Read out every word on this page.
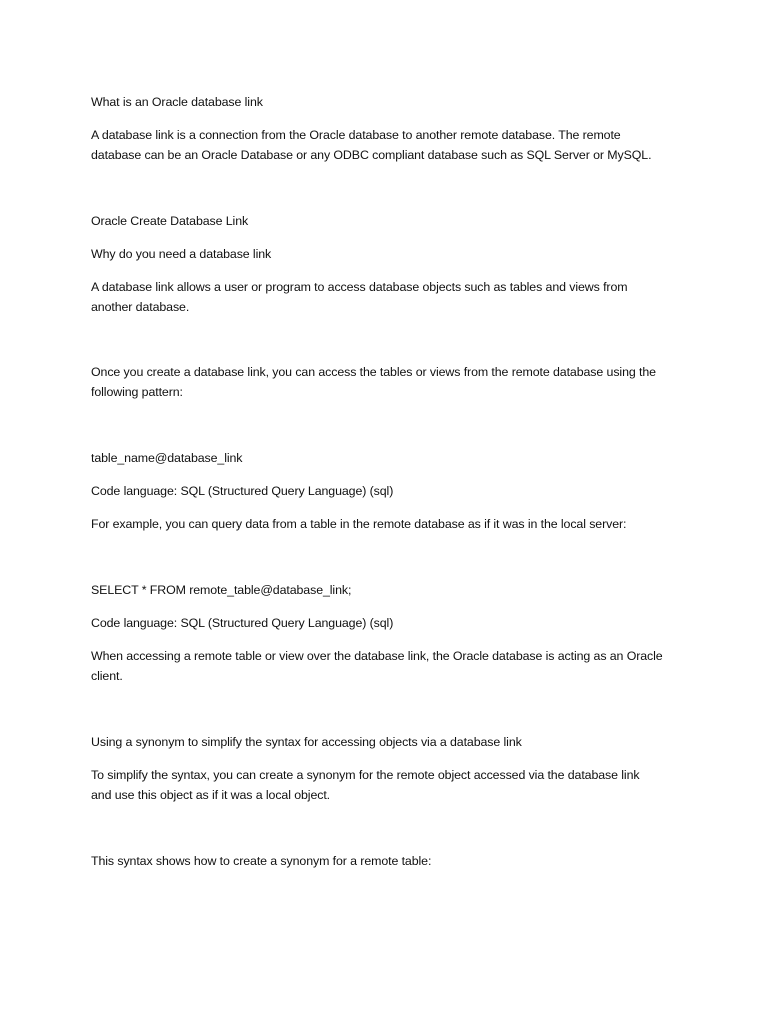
What is an Oracle database link

A database link is a connection from the Oracle database to another remote database. The remote

database can be an Oracle Database or any ODBC compliant database such as SQL Server or MySQL.

Oracle Create Database Link

Why do you need a database link

A database link allows a user or program to access database objects such as tables and views from

another database.

Once you create a database link, you can access the tables or views from the remote database using the

following pattern:

table_name@database_link

Code language: SQL (Structured Query Language) (sql)

For example, you can query data from a table in the remote database as if it was in the local server:

SELECT * FROM remote_table@database_link;

Code language: SQL (Structured Query Language) (sql)

When accessing a remote table or view over the database link, the Oracle database is acting as an Oracle

client.

Using a synonym to simplify the syntax for accessing objects via a database link

To simplify the syntax, you can create a synonym for the remote object accessed via the database link

and use this object as if it was a local object.

This syntax shows how to create a synonym for a remote table:
